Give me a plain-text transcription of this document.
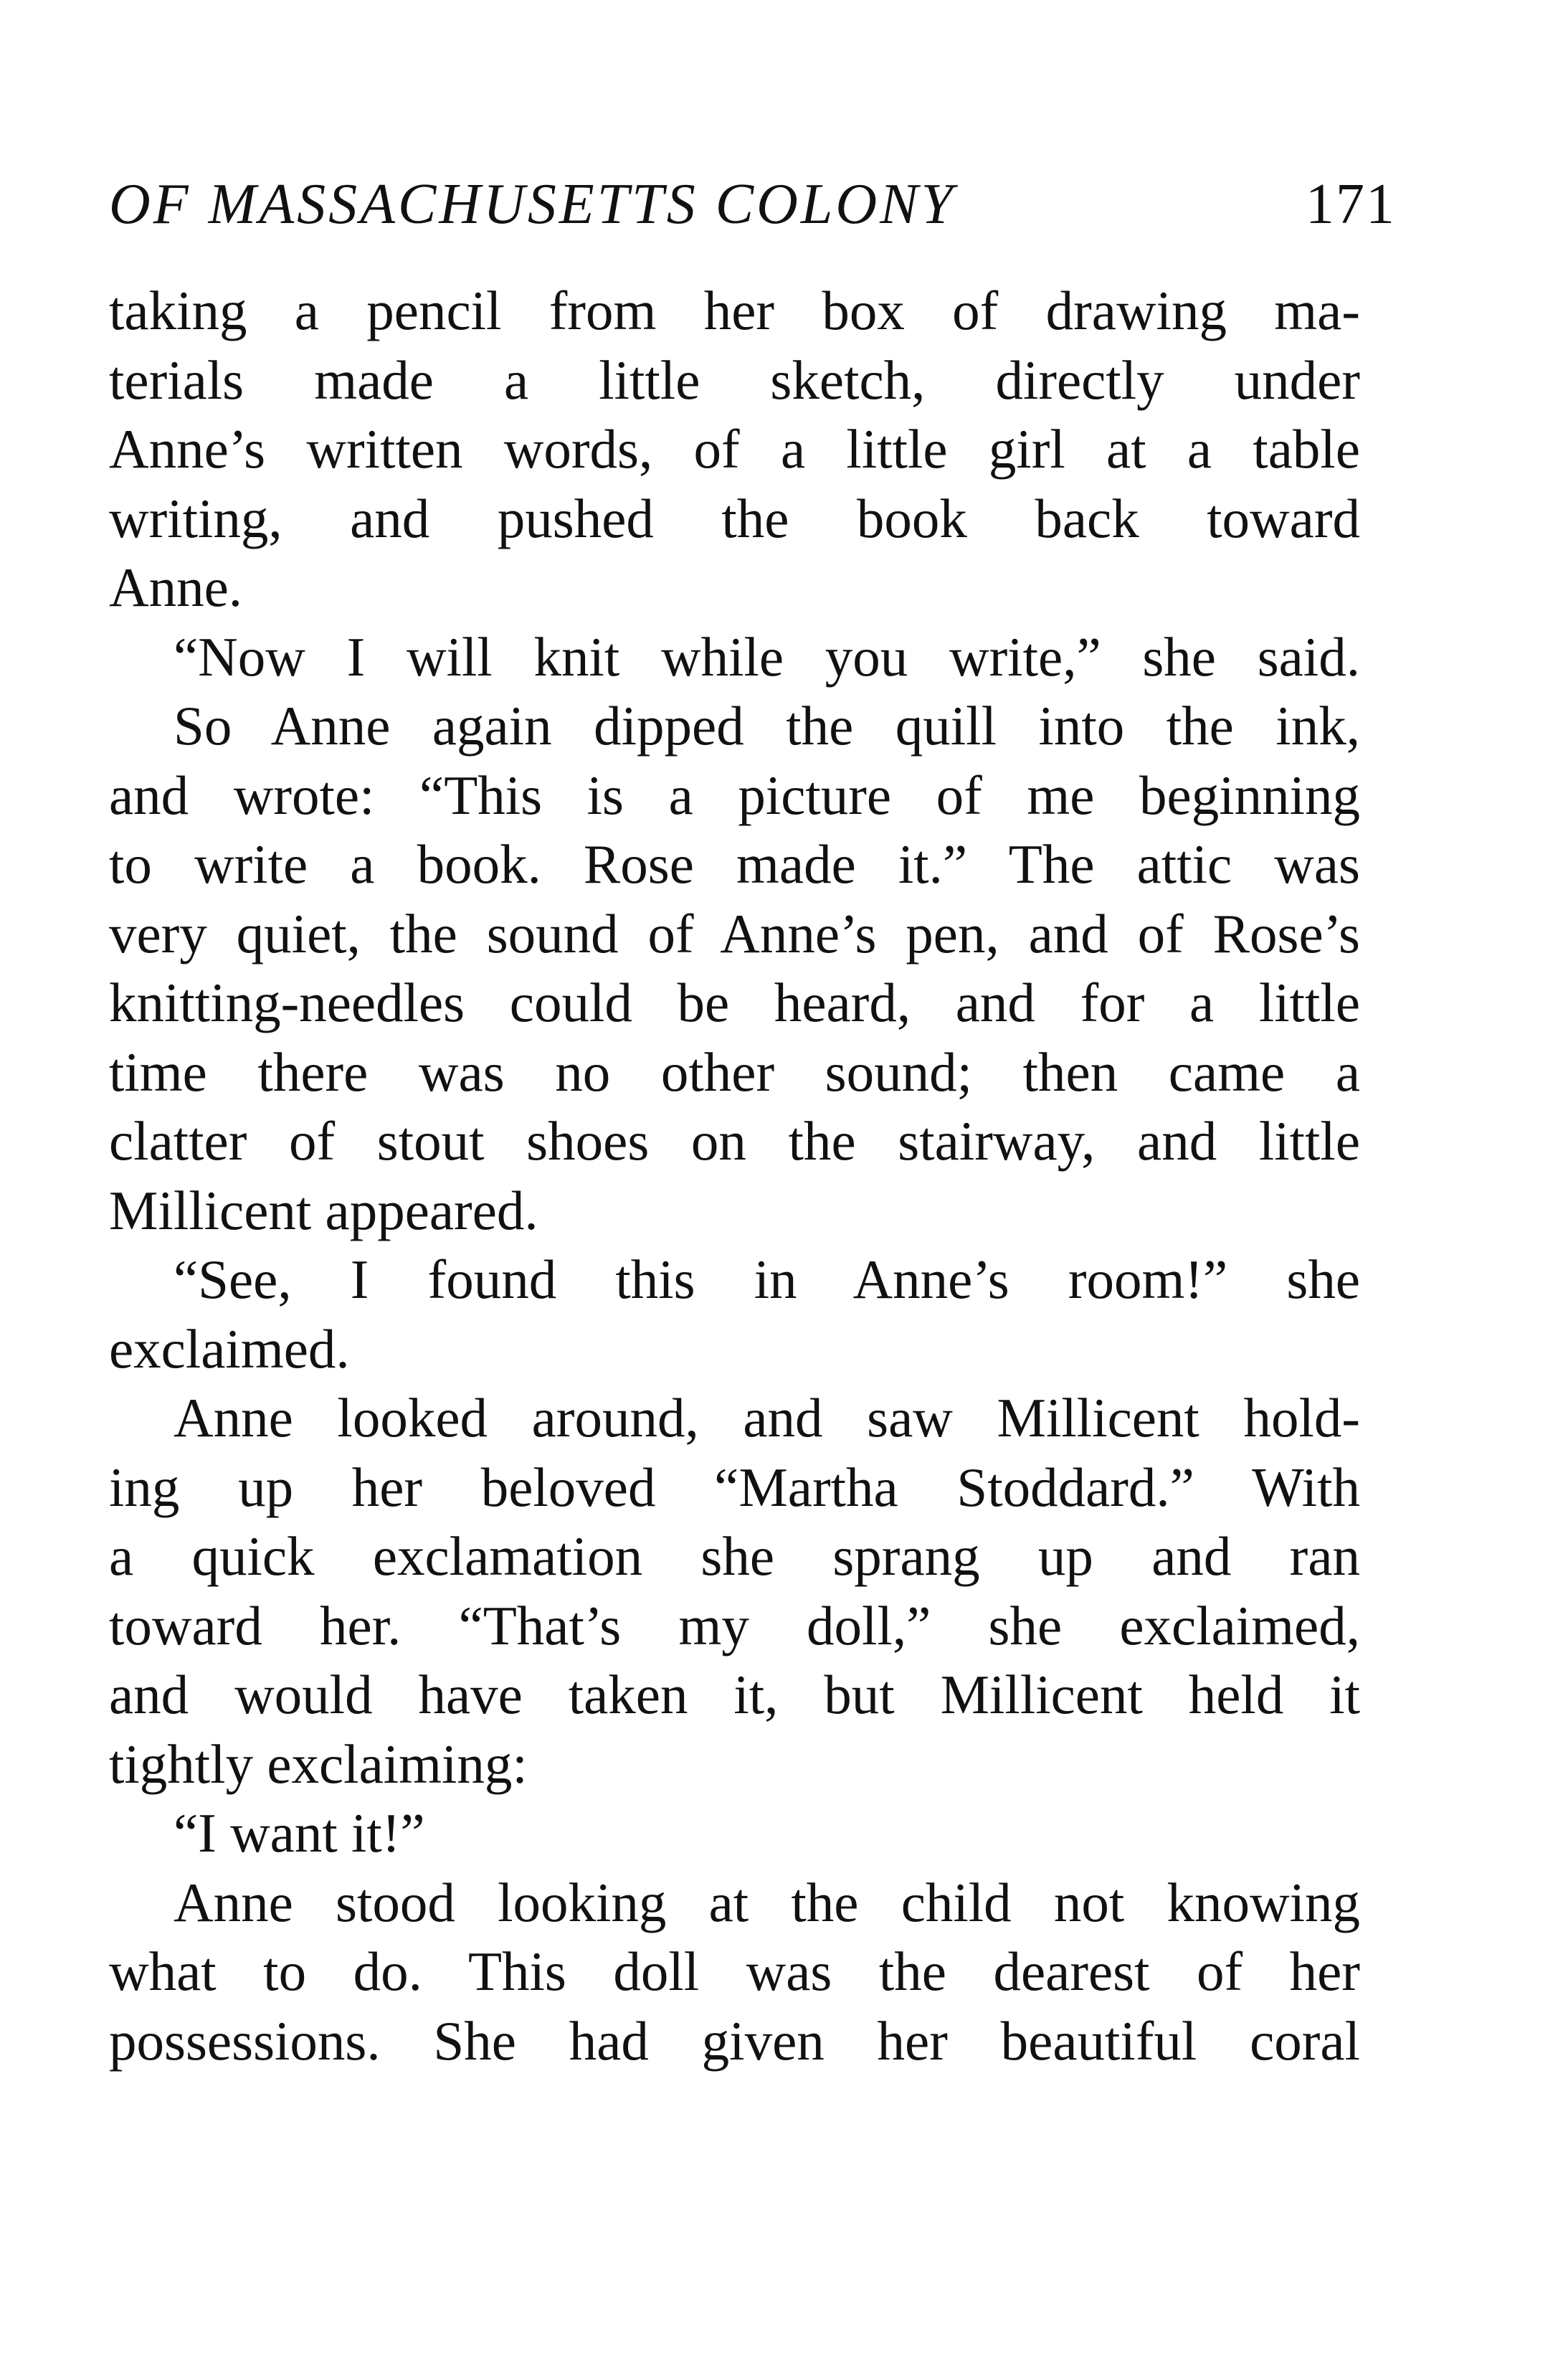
OF MASSACHUSETTS COLONY	171
taking a pencil from her box of drawing ma-
terials made a little sketch, directly under
Anne’s written words, of a little girl at a table
writing, and pushed the book back toward
Anne.
“Now I will knit while you write,” she said.
So Anne again dipped the quill into the ink,
and wrote: “This is a picture of me beginning
to write a book. Rose made it.” The attic was
very quiet, the sound of Anne’s pen, and of Rose’s
knitting-needles could be heard, and for a little
time there was no other sound; then came a
clatter of stout shoes on the stairway, and little
Millicent appeared.
“See, I found this in Anne’s room!” she
exclaimed.
Anne looked around, and saw Millicent hold-
ing up her beloved “Martha Stoddard.” With
a quick exclamation she sprang up and ran
toward her. “That’s my doll,” she exclaimed,
and would have taken it, but Millicent held it
tightly exclaiming:
“I want it!”
Anne stood looking at the child not knowing
what to do. This doll was the dearest of her
possessions. She had given her beautiful coral
